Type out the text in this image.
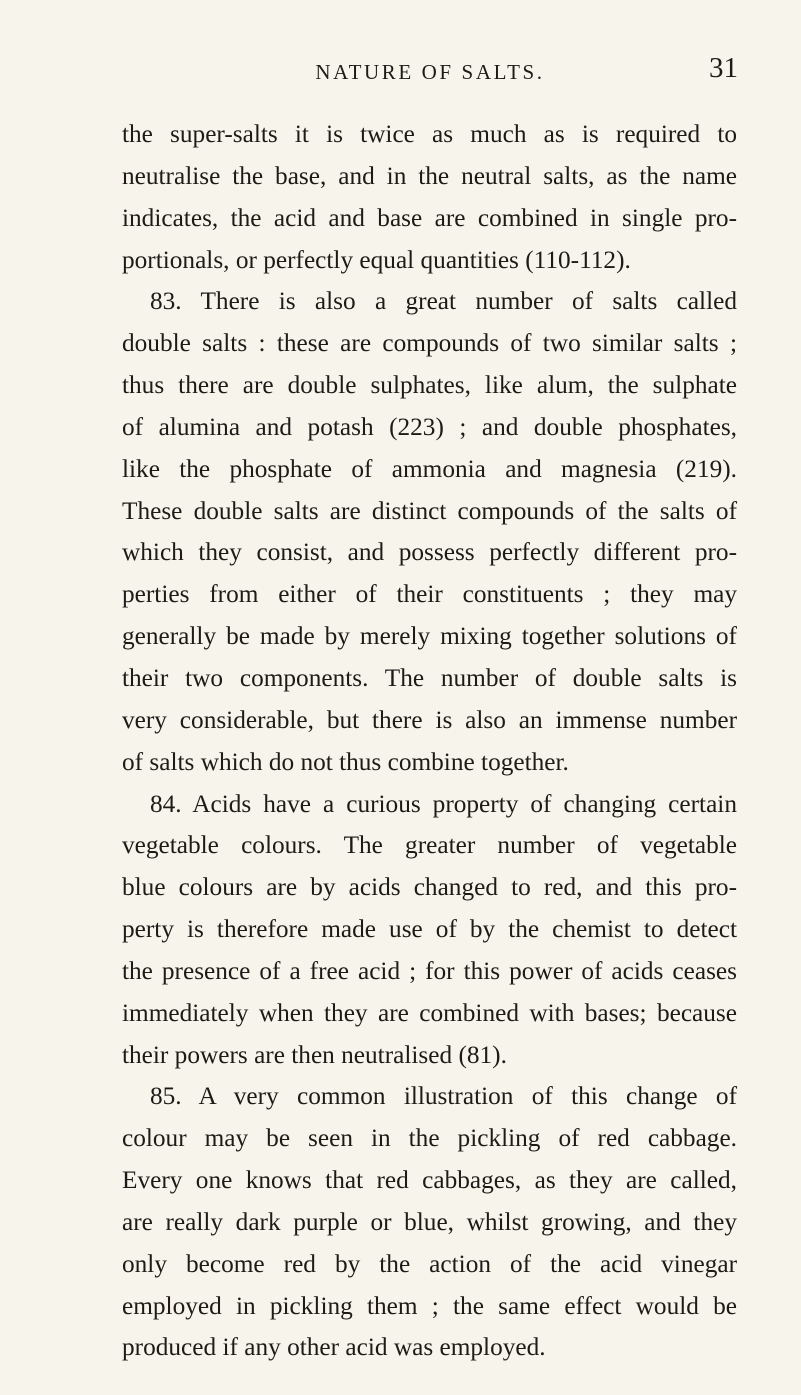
NATURE OF SALTS.	31
the super-salts it is twice as much as is required to
neutralise the base, and in the neutral salts, as the name
indicates, the acid and base are combined in single pro-
portionals, or perfectly equal quantities (110-112).
83. There is also a great number of salts called
double salts : these are compounds of two similar salts ;
thus there are double sulphates, like alum, the sulphate
of alumina and potash (223) ; and double phosphates,
like the phosphate of ammonia and magnesia (219).
These double salts are distinct compounds of the salts of
which they consist, and possess perfectly different pro-
perties from either of their constituents ; they may
generally be made by merely mixing together solutions of
their two components. The number of double salts is
very considerable, but there is also an immense number
of salts which do not thus combine together.
84. Acids have a curious property of changing certain
vegetable colours. The greater number of vegetable
blue colours are by acids changed to red, and this pro-
perty is therefore made use of by the chemist to detect
the presence of a free acid ; for this power of acids ceases
immediately when they are combined with bases; because
their powers are then neutralised (81).
85. A very common illustration of this change of
colour may be seen in the pickling of red cabbage.
Every one knows that red cabbages, as they are called,
are really dark purple or blue, whilst growing, and they
only become red by the action of the acid vinegar
employed in pickling them ; the same effect would be
produced if any other acid was employed.
